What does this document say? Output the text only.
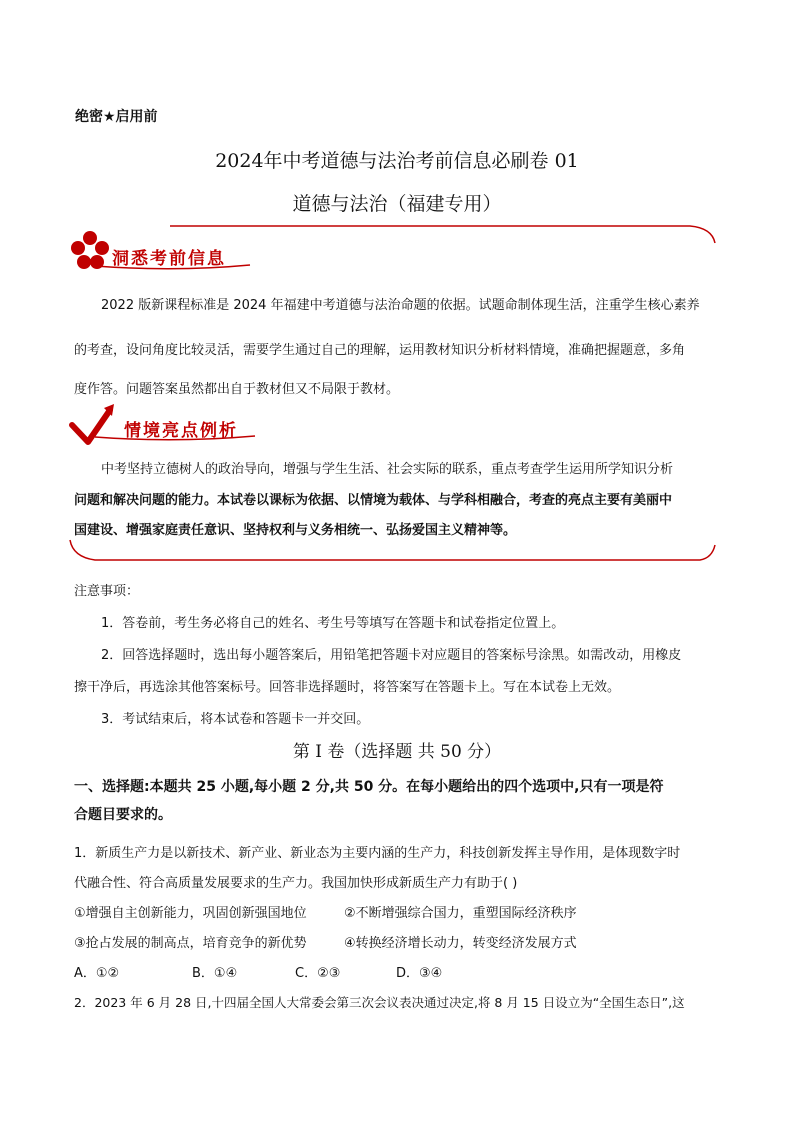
绝密★启用前
2024年中考道德与法治考前信息必刷卷 01
道德与法治（福建专用）
洞悉考前信息
2022 版新课程标准是 2024 年福建中考道德与法治命题的依据。试题命制体现生活，注重学生核心素养
的考查，设问角度比较灵活，需要学生通过自己的理解，运用教材知识分析材料情境，准确把握题意，多角
度作答。问题答案虽然都出自于教材但又不局限于教材。
情境亮点例析
中考坚持立德树人的政治导向，增强与学生生活、社会实际的联系，重点考查学生运用所学知识分析
问题和解决问题的能力。本试卷以课标为依据、以情境为载体、与学科相融合，考查的亮点主要有美丽中
国建设、增强家庭责任意识、坚持权利与义务相统一、弘扬爱国主义精神等。
注意事项：
1．答卷前，考生务必将自己的姓名、考生号等填写在答题卡和试卷指定位置上。
2．回答选择题时，选出每小题答案后，用铅笔把答题卡对应题目的答案标号涂黑。如需改动，用橡皮
擦干净后，再选涂其他答案标号。回答非选择题时，将答案写在答题卡上。写在本试卷上无效。
3．考试结束后，将本试卷和答题卡一并交回。
第 I 卷（选择题 共 50 分）
一、选择题:本题共 25 小题,每小题 2 分,共 50 分。在每小题给出的四个选项中,只有一项是符
合题目要求的。
1．新质生产力是以新技术、新产业、新业态为主要内涵的生产力，科技创新发挥主导作用，是体现数字时
代融合性、符合高质量发展要求的生产力。我国加快形成新质生产力有助于( )
①增强自主创新能力，巩固创新强国地位	②不断增强综合国力，重塑国际经济秩序
③抢占发展的制高点，培育竞争的新优势	④转换经济增长动力，转变经济发展方式
A．①②	B．①④	C．②③	D．③④
2．2023 年 6 月 28 日,十四届全国人大常委会第三次会议表决通过决定,将 8 月 15 日设立为“全国生态日”,这
